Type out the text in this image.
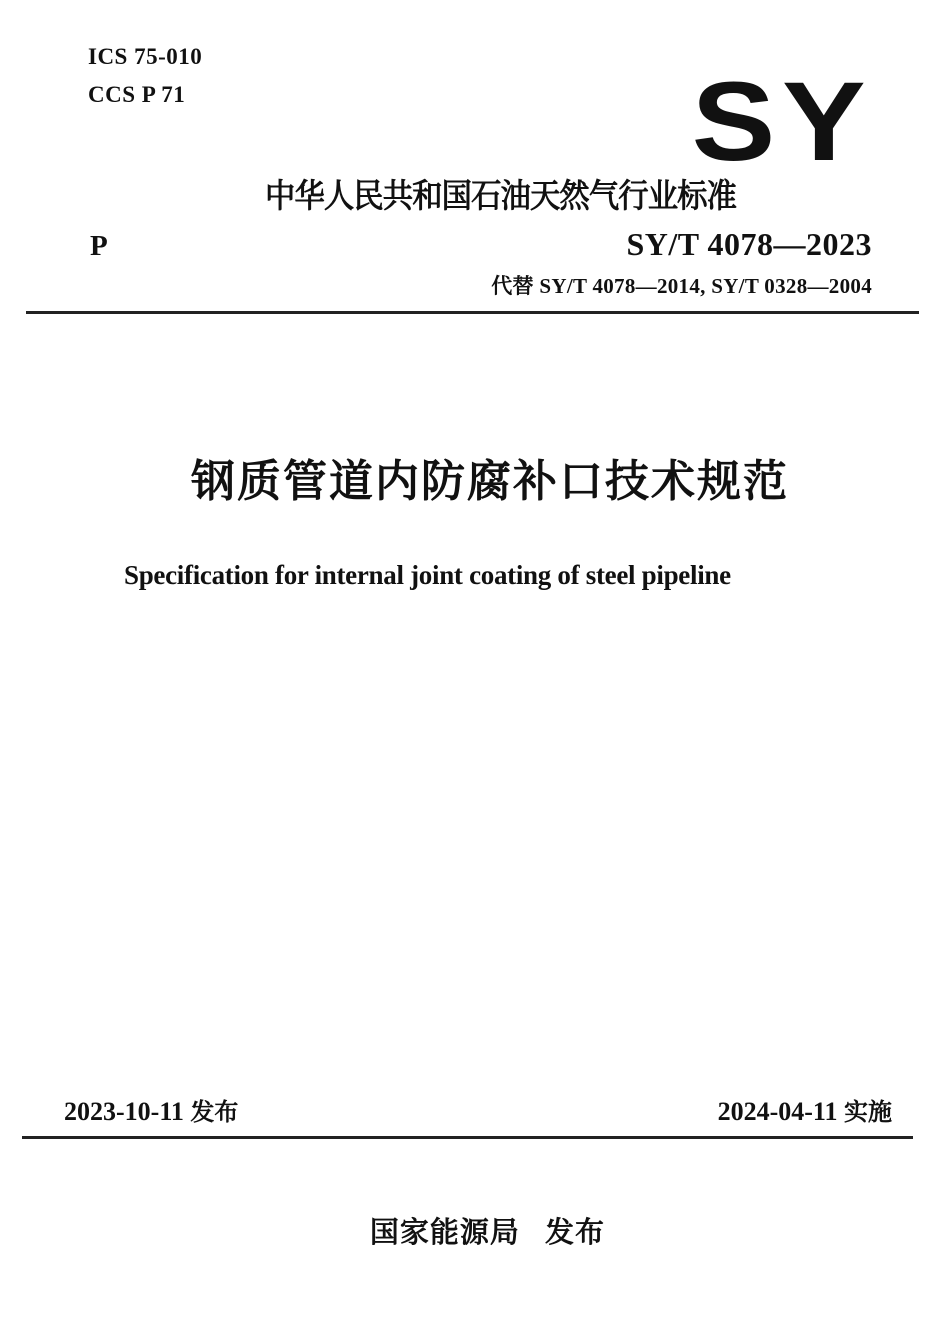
ICS 75-010
CCS P 71	SY
中华人民共和国石油天然气行业标准
P	SY/T 4078—2023
代替 SY/T 4078—2014, SY/T 0328—2004
钢质管道内防腐补口技术规范
Specification for internal joint coating of steel pipeline
2023-10-11 发布	2024-04-11 实施
国家能源局 发布
